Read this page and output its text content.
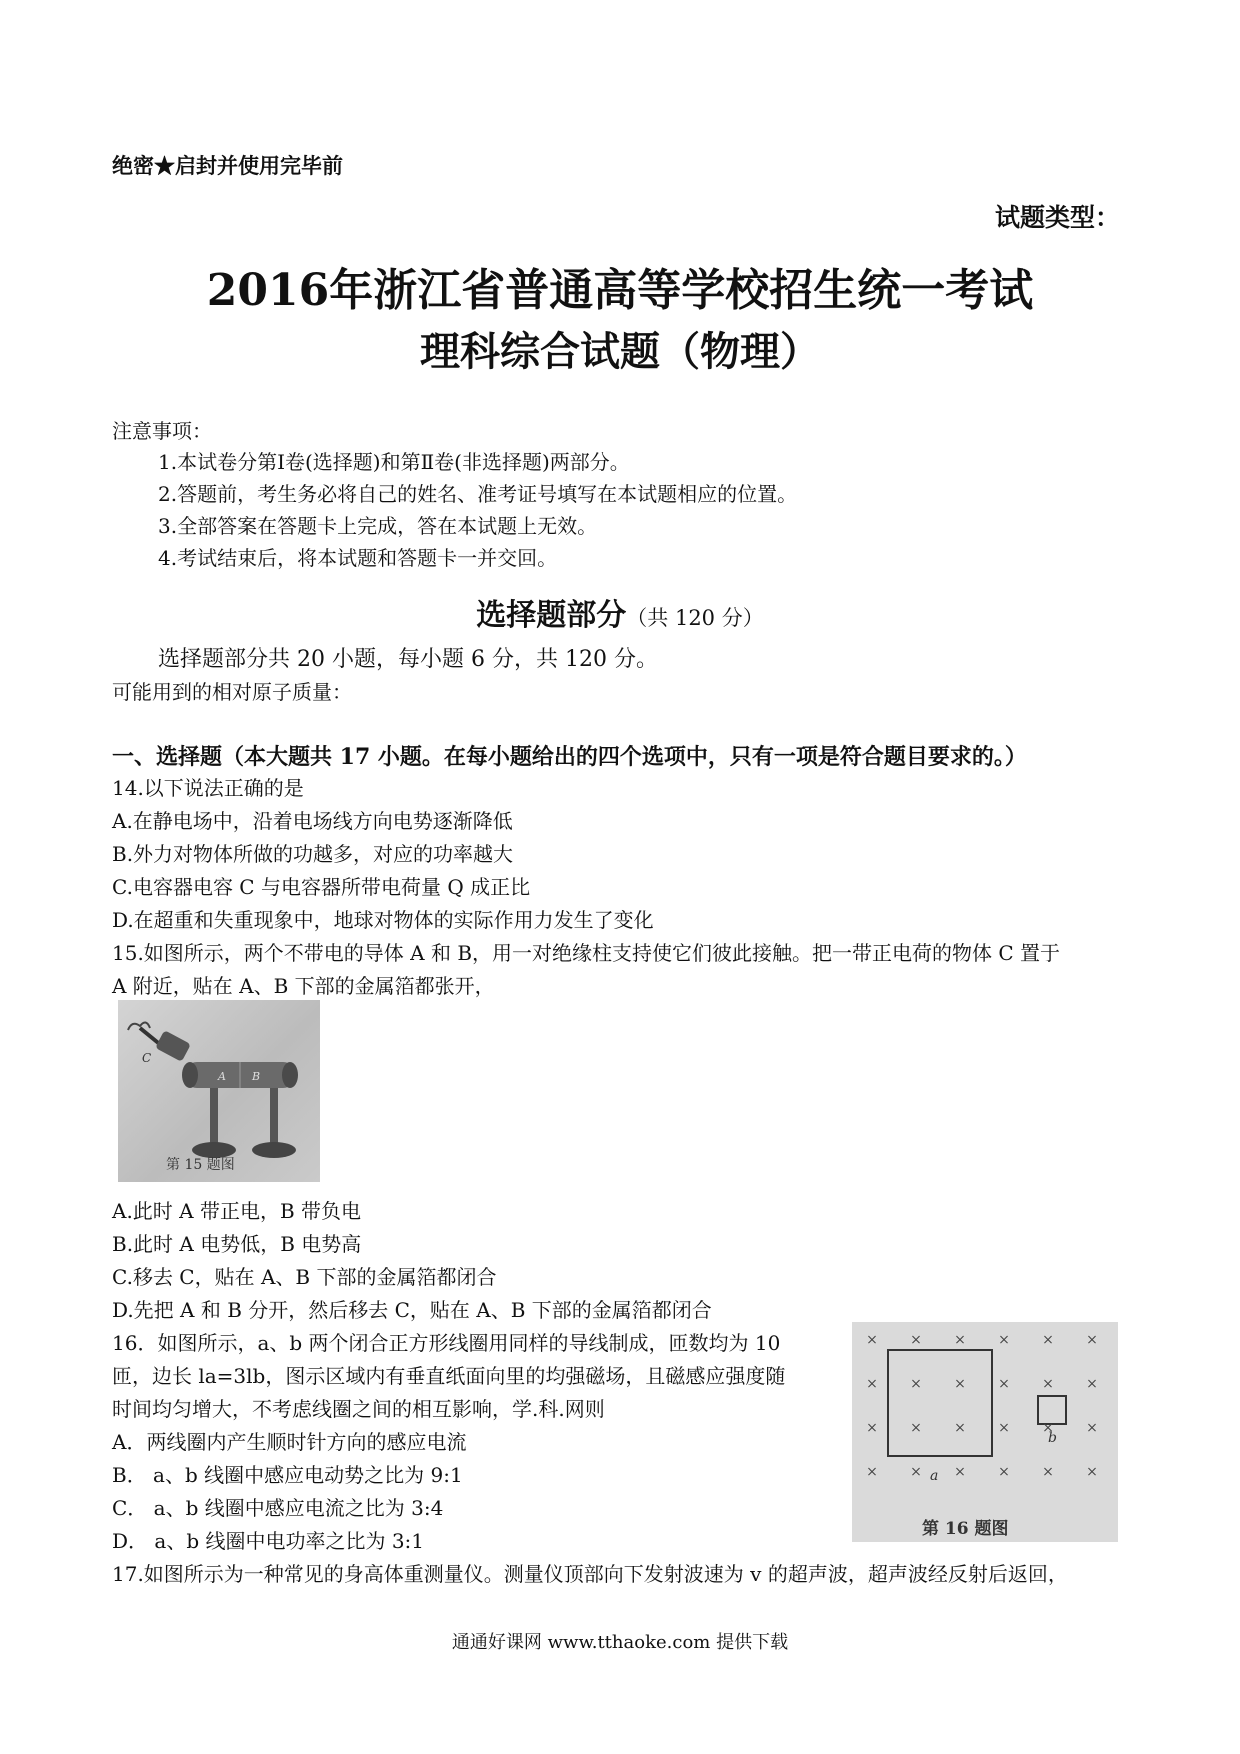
绝密★启封并使用完毕前
试题类型：
2016年浙江省普通高等学校招生统一考试
理科综合试题（物理）
注意事项：
1.本试卷分第Ⅰ卷(选择题)和第Ⅱ卷(非选择题)两部分。
2.答题前，考生务必将自己的姓名、准考证号填写在本试题相应的位置。
3.全部答案在答题卡上完成，答在本试题上无效。
4.考试结束后，将本试题和答题卡一并交回。
选择题部分（共 120 分）
选择题部分共 20 小题，每小题 6 分，共 120 分。
可能用到的相对原子质量：
一、选择题（本大题共 17 小题。在每小题给出的四个选项中，只有一项是符合题目要求的。）
14.以下说法正确的是
A.在静电场中，沿着电场线方向电势逐渐降低
B.外力对物体所做的功越多，对应的功率越大
C.电容器电容 C 与电容器所带电荷量 Q 成正比
D.在超重和失重现象中，地球对物体的实际作用力发生了变化
15.如图所示，两个不带电的导体 A 和 B，用一对绝缘柱支持使它们彼此接触。把一带正电荷的物体 C 置于
A 附近，贴在 A、B 下部的金属箔都张开，
C
A B
第 15 题图
A.此时 A 带正电，B 带负电
B.此时 A 电势低，B 电势高
C.移去 C，贴在 A、B 下部的金属箔都闭合
D.先把 A 和 B 分开，然后移去 C，贴在 A、B 下部的金属箔都闭合
16．如图所示，a、b 两个闭合正方形线圈用同样的导线制成，匝数均为 10
匝，边长 la=3lb，图示区域内有垂直纸面向里的均强磁场，且磁感应强度随
时间均匀增大，不考虑线圈之间的相互影响，学.科.网则
A．两线圈内产生顺时针方向的感应电流
B． a、b 线圈中感应电动势之比为 9:1
C． a、b 线圈中感应电流之比为 3:4
D． a、b 线圈中电功率之比为 3:1
a
b
× × × × × ×
× × × × × ×
× × × × × ×
× × × × × ×
第 16 题图
17.如图所示为一种常见的身高体重测量仪。测量仪顶部向下发射波速为 v 的超声波，超声波经反射后返回，
通通好课网 www.tthaoke.com 提供下载
